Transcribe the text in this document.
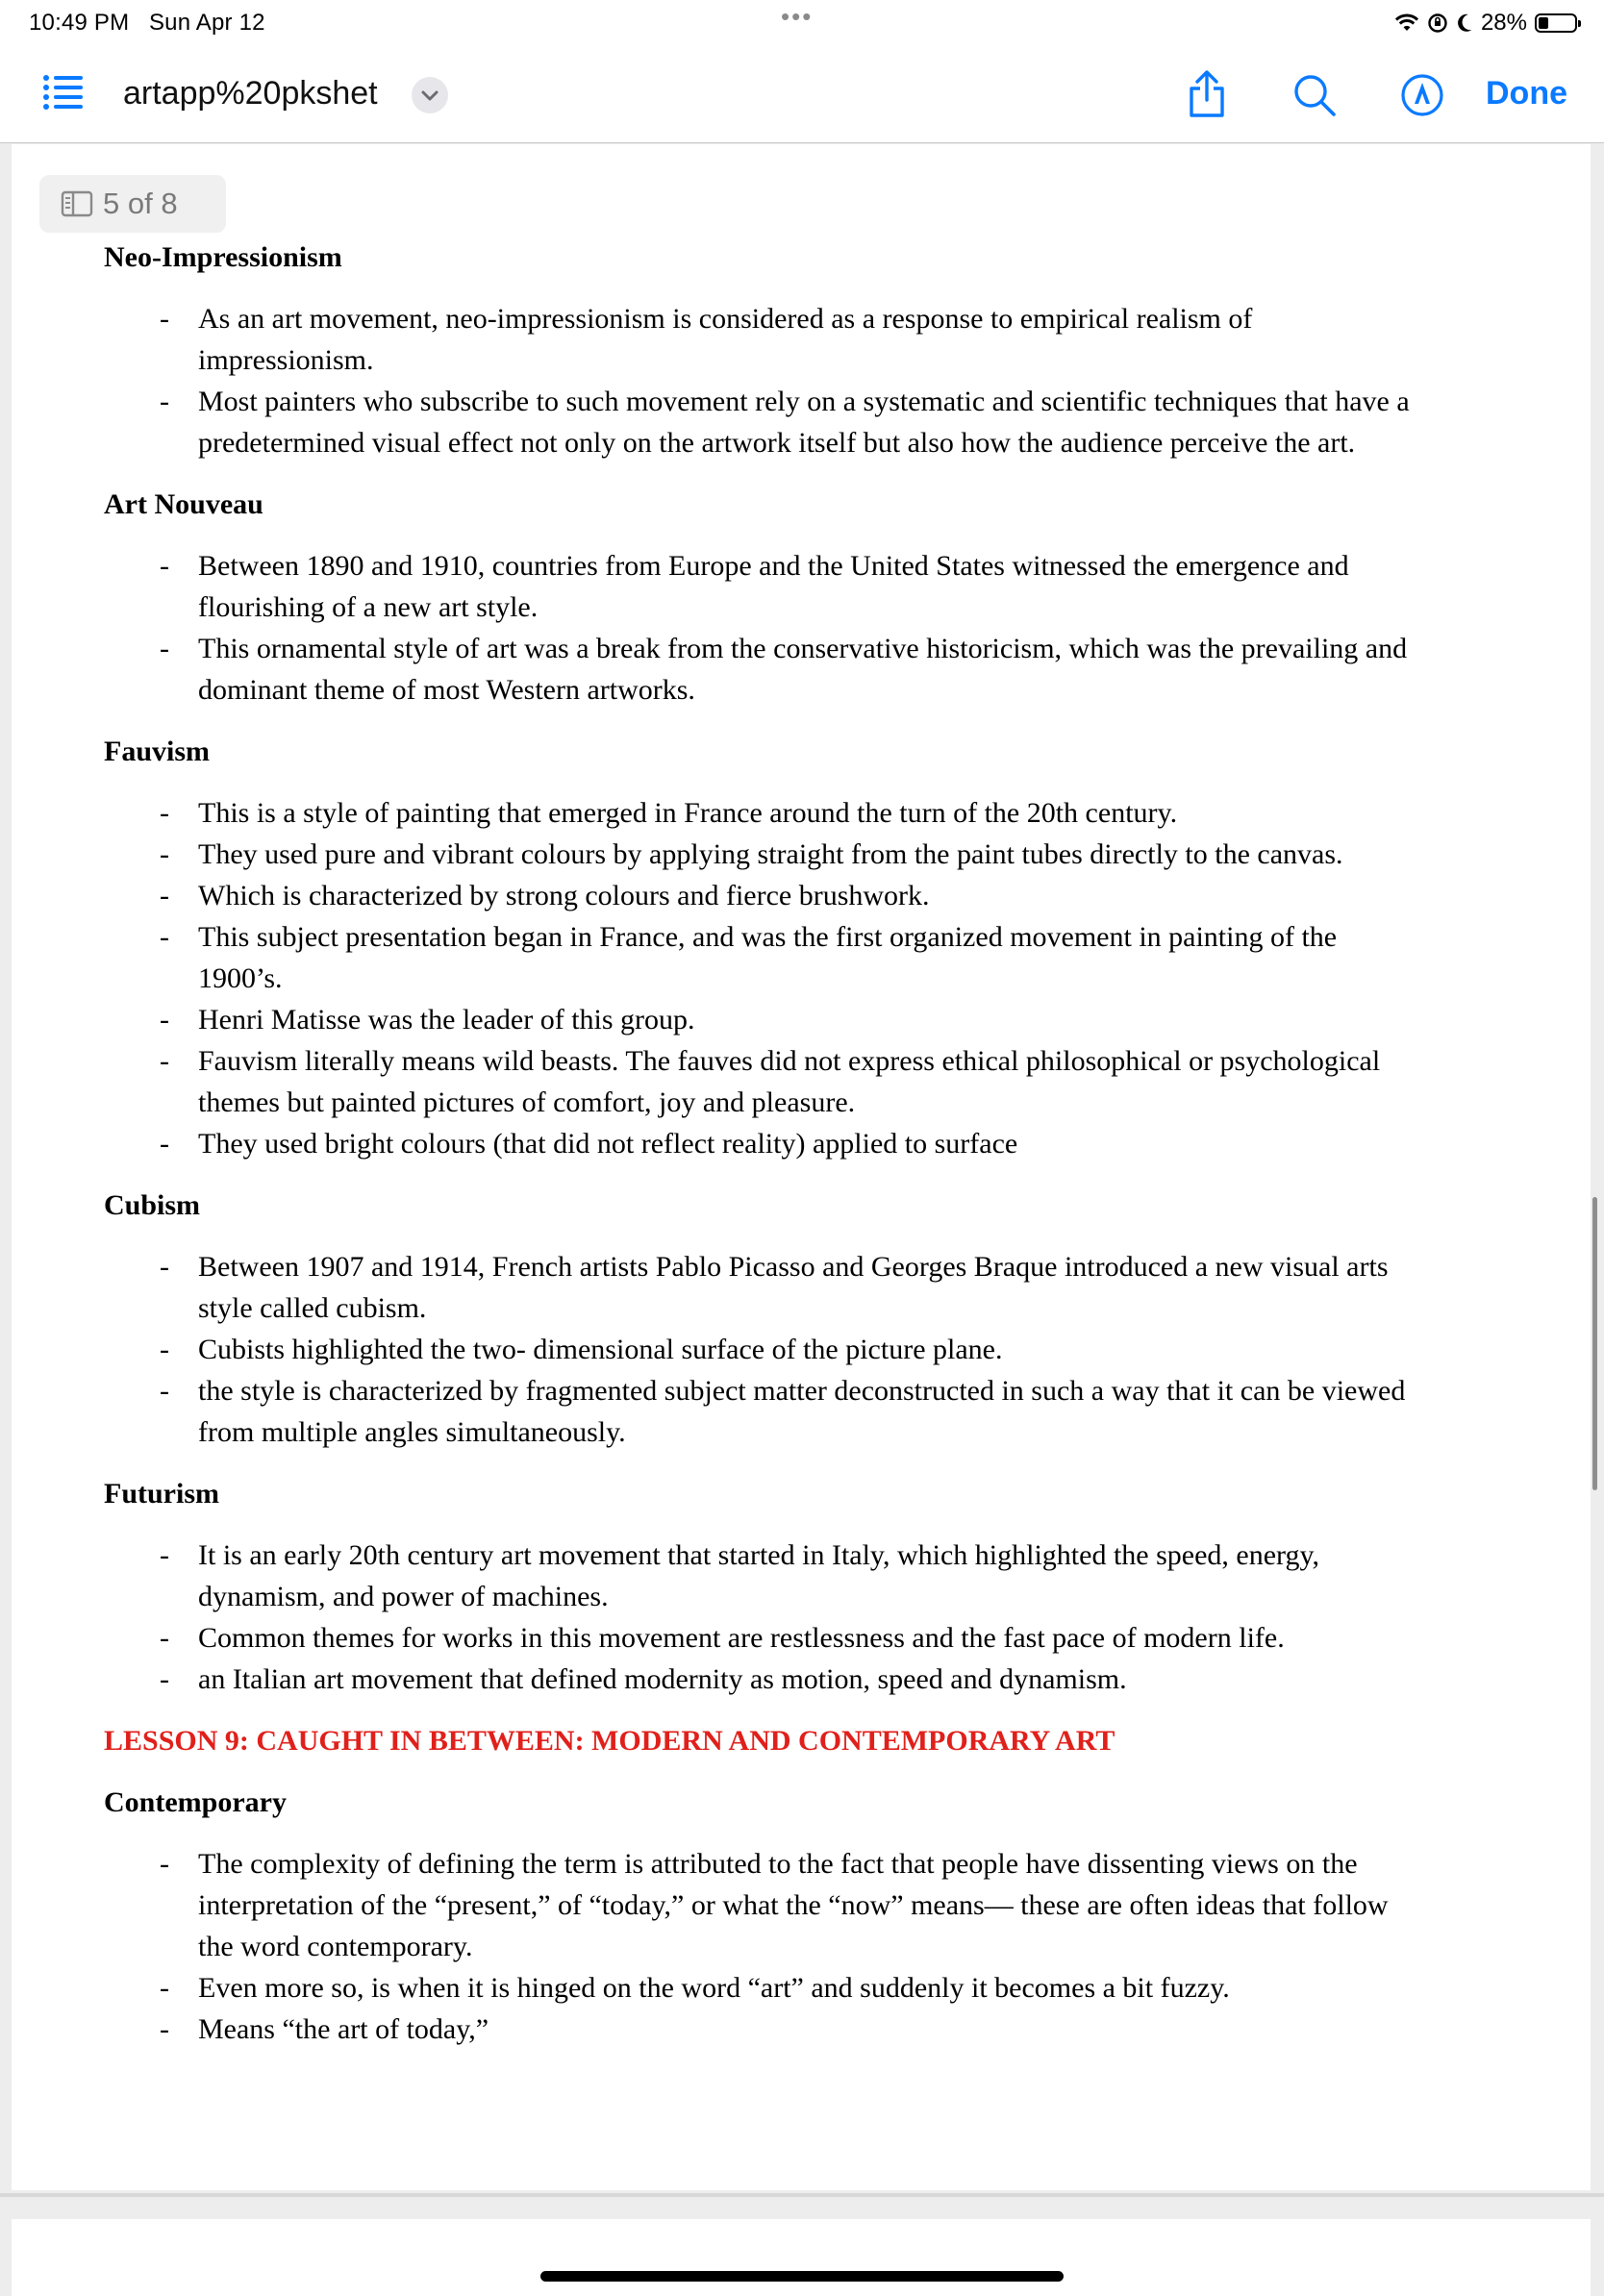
10:49 PM Sun Apr 12	•••	28%
artapp%20pkshet	Done
5 of 8
Neo-Impressionism
- As an art movement, neo-impressionism is considered as a response to empirical realism of
impressionism.
- Most painters who subscribe to such movement rely on a systematic and scientific techniques that have a
predetermined visual effect not only on the artwork itself but also how the audience perceive the art.
Art Nouveau
- Between 1890 and 1910, countries from Europe and the United States witnessed the emergence and
flourishing of a new art style.
- This ornamental style of art was a break from the conservative historicism, which was the prevailing and
dominant theme of most Western artworks.
Fauvism
- This is a style of painting that emerged in France around the turn of the 20th century.
- They used pure and vibrant colours by applying straight from the paint tubes directly to the canvas.
- Which is characterized by strong colours and fierce brushwork.
- This subject presentation began in France, and was the first organized movement in painting of the
1900’s.
- Henri Matisse was the leader of this group.
- Fauvism literally means wild beasts. The fauves did not express ethical philosophical or psychological
themes but painted pictures of comfort, joy and pleasure.
- They used bright colours (that did not reflect reality) applied to surface
Cubism
- Between 1907 and 1914, French artists Pablo Picasso and Georges Braque introduced a new visual arts
style called cubism.
- Cubists highlighted the two- dimensional surface of the picture plane.
- the style is characterized by fragmented subject matter deconstructed in such a way that it can be viewed
from multiple angles simultaneously.
Futurism
- It is an early 20th century art movement that started in Italy, which highlighted the speed, energy,
dynamism, and power of machines.
- Common themes for works in this movement are restlessness and the fast pace of modern life.
- an Italian art movement that defined modernity as motion, speed and dynamism.
LESSON 9: CAUGHT IN BETWEEN: MODERN AND CONTEMPORARY ART
Contemporary
- The complexity of defining the term is attributed to the fact that people have dissenting views on the
interpretation of the “present,” of “today,” or what the “now” means— these are often ideas that follow
the word contemporary.
- Even more so, is when it is hinged on the word “art” and suddenly it becomes a bit fuzzy.
- Means “the art of today,”
